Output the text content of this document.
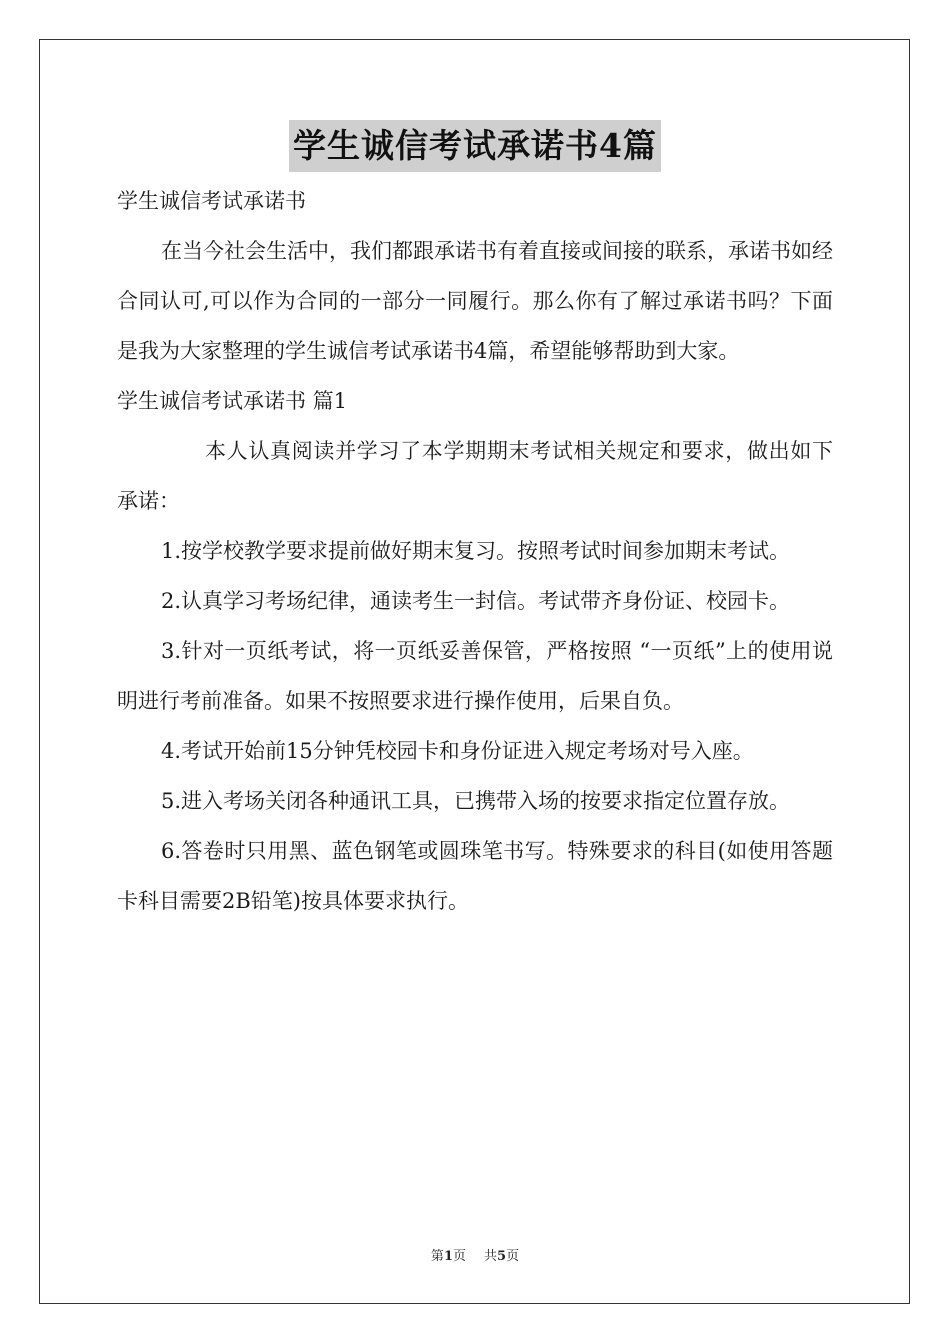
学生诚信考试承诺书4篇

学生诚信考试承诺书

在当今社会生活中，我们都跟承诺书有着直接或间接的联系，承诺书如经合同认可,可以作为合同的一部分一同履行。那么你有了解过承诺书吗？下面是我为大家整理的学生诚信考试承诺书4篇，希望能够帮助到大家。

学生诚信考试承诺书 篇1

本人认真阅读并学习了本学期期末考试相关规定和要求，做出如下承诺：

1.按学校教学要求提前做好期末复习。按照考试时间参加期末考试。

2.认真学习考场纪律，通读考生一封信。考试带齐身份证、校园卡。

3.针对一页纸考试，将一页纸妥善保管，严格按照 “一页纸”上的使用说明进行考前准备。如果不按照要求进行操作使用，后果自负。

4.考试开始前15分钟凭校园卡和身份证进入规定考场对号入座。

5.进入考场关闭各种通讯工具，已携带入场的按要求指定位置存放。

6.答卷时只用黑、蓝色钢笔或圆珠笔书写。特殊要求的科目(如使用答题卡科目需要2B铅笔)按具体要求执行。

第1页 共5页
